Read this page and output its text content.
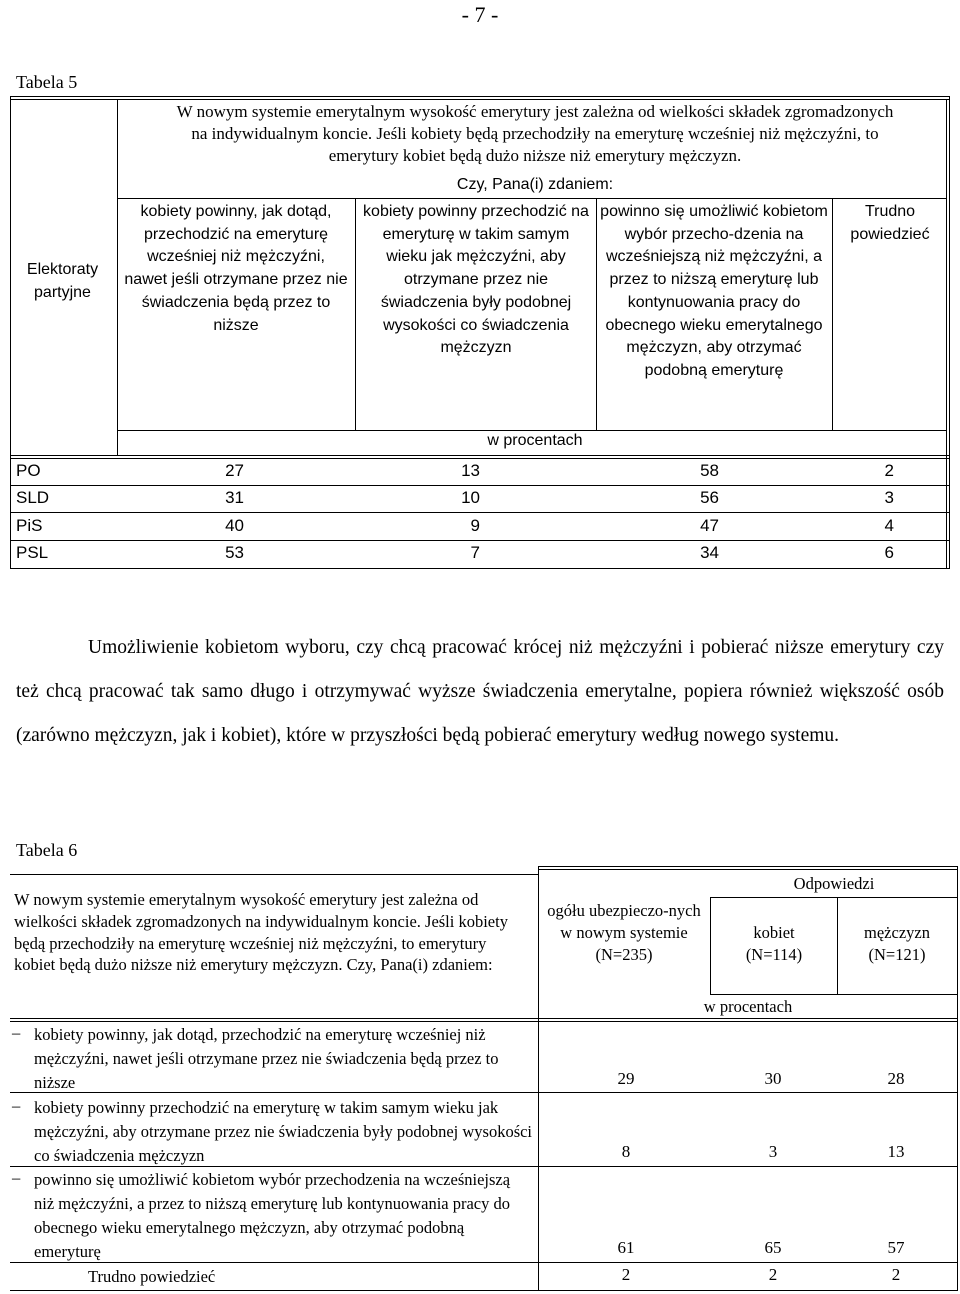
- 7 -
Tabela 5
W nowym systemie emerytalnym wysokość emerytury jest zależna od wielkości składek zgromadzonych na indywidualnym koncie. Jeśli kobiety będą przechodziły na emeryturę wcześniej niż mężczyźni, to emerytury kobiet będą dużo niższe niż emerytury mężczyzn.
Czy, Pana(i) zdaniem:
Elektoraty partyjne
kobiety powinny, jak dotąd, przechodzić na emeryturę wcześniej niż mężczyźni, nawet jeśli otrzymane przez nie świadczenia będą przez to niższe
kobiety powinny przechodzić na emeryturę w takim samym wieku jak mężczyźni, aby otrzymane przez nie świadczenia były podobnej wysokości co świadczenia mężczyzn
powinno się umożliwić kobietom wybór przecho-dzenia na wcześniejszą niż mężczyźni, a przez to niższą emeryturę lub kontynuowania pracy do obecnego wieku emerytalnego mężczyzn, aby otrzymać podobną emeryturę
Trudno powiedzieć
w procentach
PO	27	13	58	2
SLD	31	10	56	3
PiS	40	9	47	4
PSL	53	7	34	6

Umożliwienie kobietom wyboru, czy chcą pracować krócej niż mężczyźni i pobierać niższe emerytury czy też chcą pracować tak samo długo i otrzymywać wyższe świadczenia emerytalne, popiera również większość osób (zarówno mężczyzn, jak i kobiet), które w przyszłości będą pobierać emerytury według nowego systemu.

Tabela 6
W nowym systemie emerytalnym wysokość emerytury jest zależna od wielkości składek zgromadzonych na indywidualnym koncie. Jeśli kobiety będą przechodziły na emeryturę wcześniej niż mężczyźni, to emerytury kobiet będą dużo niższe niż emerytury mężczyzn. Czy, Pana(i) zdaniem:
Odpowiedzi
ogółu ubezpieczo-nych w nowym systemie (N=235)
kobiet
(N=114)
mężczyzn
(N=121)
w procentach
– kobiety powinny, jak dotąd, przechodzić na emeryturę wcześniej niż mężczyźni, nawet jeśli otrzymane przez nie świadczenia będą przez to niższe	29	30	28
– kobiety powinny przechodzić na emeryturę w takim samym wieku jak mężczyźni, aby otrzymane przez nie świadczenia były podobnej wysokości co świadczenia mężczyzn	8	3	13
– powinno się umożliwić kobietom wybór przechodzenia na wcześniejszą niż mężczyźni, a przez to niższą emeryturę lub kontynuowania pracy do obecnego wieku emerytalnego mężczyzn, aby otrzymać podobną emeryturę	61	65	57
Trudno powiedzieć	2	2	2
